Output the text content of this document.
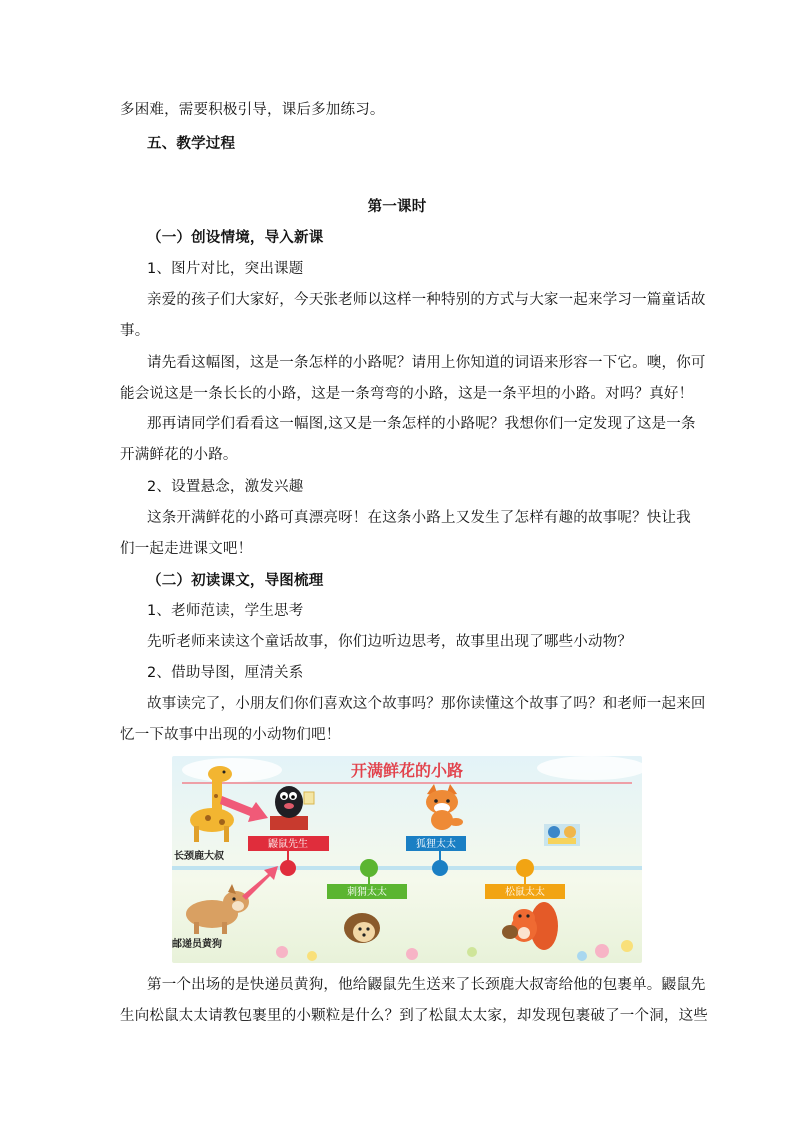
多困难，需要积极引导，课后多加练习。
五、教学过程
第一课时
（一）创设情境，导入新课
1、图片对比，突出课题
亲爱的孩子们大家好，今天张老师以这样一种特别的方式与大家一起来学习一篇童话故
事。
请先看这幅图，这是一条怎样的小路呢？请用上你知道的词语来形容一下它。噢，你可
能会说这是一条长长的小路，这是一条弯弯的小路，这是一条平坦的小路。对吗？真好！
那再请同学们看看这一幅图,这又是一条怎样的小路呢？我想你们一定发现了这是一条
开满鲜花的小路。
2、设置悬念，激发兴趣
这条开满鲜花的小路可真漂亮呀！在这条小路上又发生了怎样有趣的故事呢？快让我
们一起走进课文吧！
（二）初读课文，导图梳理
1、老师范读，学生思考
先听老师来读这个童话故事，你们边听边思考，故事里出现了哪些小动物？
2、借助导图，厘清关系
故事读完了，小朋友们你们喜欢这个故事吗？那你读懂这个故事了吗？和老师一起来回
忆一下故事中出现的小动物们吧！
第一个出场的是快递员黄狗，他给鼹鼠先生送来了长颈鹿大叔寄给他的包裹单。鼹鼠先
生向松鼠太太请教包裹里的小颗粒是什么？到了松鼠太太家，却发现包裹破了一个洞，这些
开满鲜花的小路
长颈鹿大叔
鼹鼠先生	狐狸太太
刺猬太太	松鼠太太
邮递员黄狗
